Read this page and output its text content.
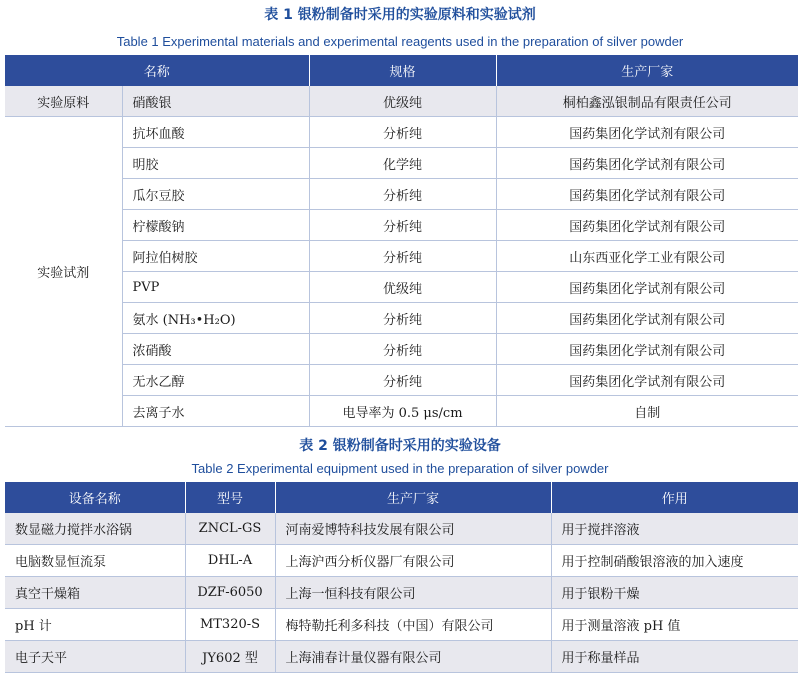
表 1 银粉制备时采用的实验原料和实验试剂
Table 1 Experimental materials and experimental reagents used in the preparation of silver powder
名称		规格	生产厂家
实验原料	硝酸银	优级纯	桐柏鑫泓银制品有限责任公司
实验试剂	抗坏血酸	分析纯	国药集团化学试剂有限公司
	明胶	化学纯	国药集团化学试剂有限公司
	瓜尔豆胶	分析纯	国药集团化学试剂有限公司
	柠檬酸钠	分析纯	国药集团化学试剂有限公司
	阿拉伯树胶	分析纯	山东西亚化学工业有限公司
	PVP	优级纯	国药集团化学试剂有限公司
	氨水 (NH₃•H₂O)	分析纯	国药集团化学试剂有限公司
	浓硝酸	分析纯	国药集团化学试剂有限公司
	无水乙醇	分析纯	国药集团化学试剂有限公司
	去离子水	电导率为 0.5 μs/cm	自制
表 2 银粉制备时采用的实验设备
Table 2 Experimental equipment used in the preparation of silver powder
设备名称	型号	生产厂家	作用
数显磁力搅拌水浴锅	ZNCL-GS	河南爱博特科技发展有限公司	用于搅拌溶液
电脑数显恒流泵	DHL-A	上海沪西分析仪器厂有限公司	用于控制硝酸银溶液的加入速度
真空干燥箱	DZF-6050	上海一恒科技有限公司	用于银粉干燥
pH 计	MT320-S	梅特勒托利多科技（中国）有限公司	用于测量溶液 pH 值
电子天平	JY602 型	上海浦春计量仪器有限公司	用于称量样品
